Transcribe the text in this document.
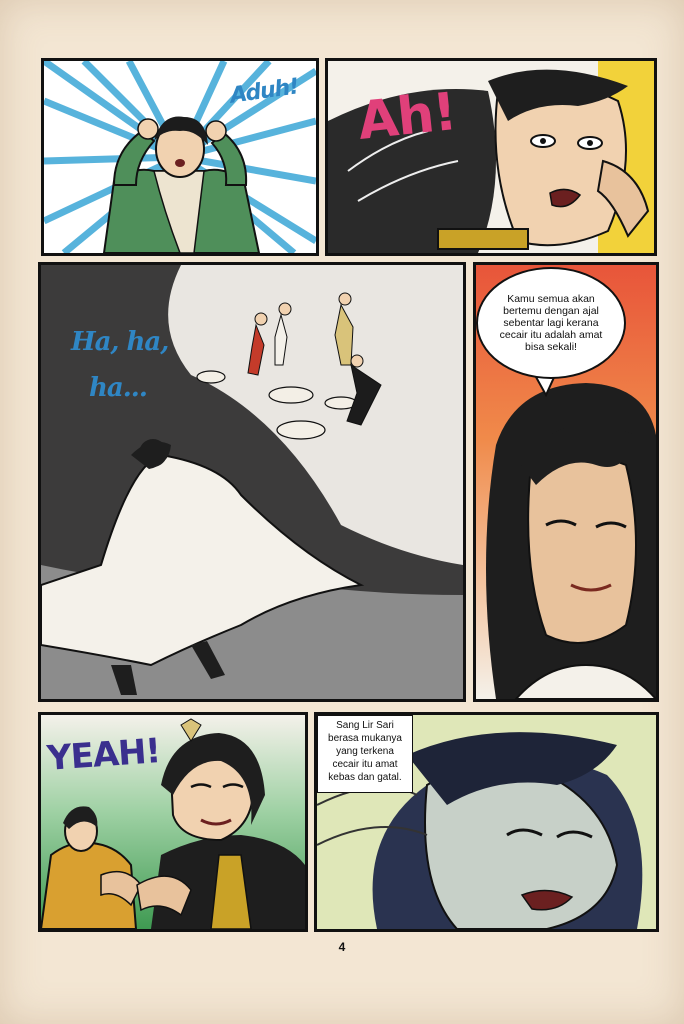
Aduh! Ah!
Ha, ha,
ha...
Kamu semua akan bertemu dengan ajal sebentar lagi kerana cecair itu adalah amat bisa sekali!
YEAH!
Sang Lir Sari berasa mukanya yang terkena cecair itu amat kebas dan gatal.
4
